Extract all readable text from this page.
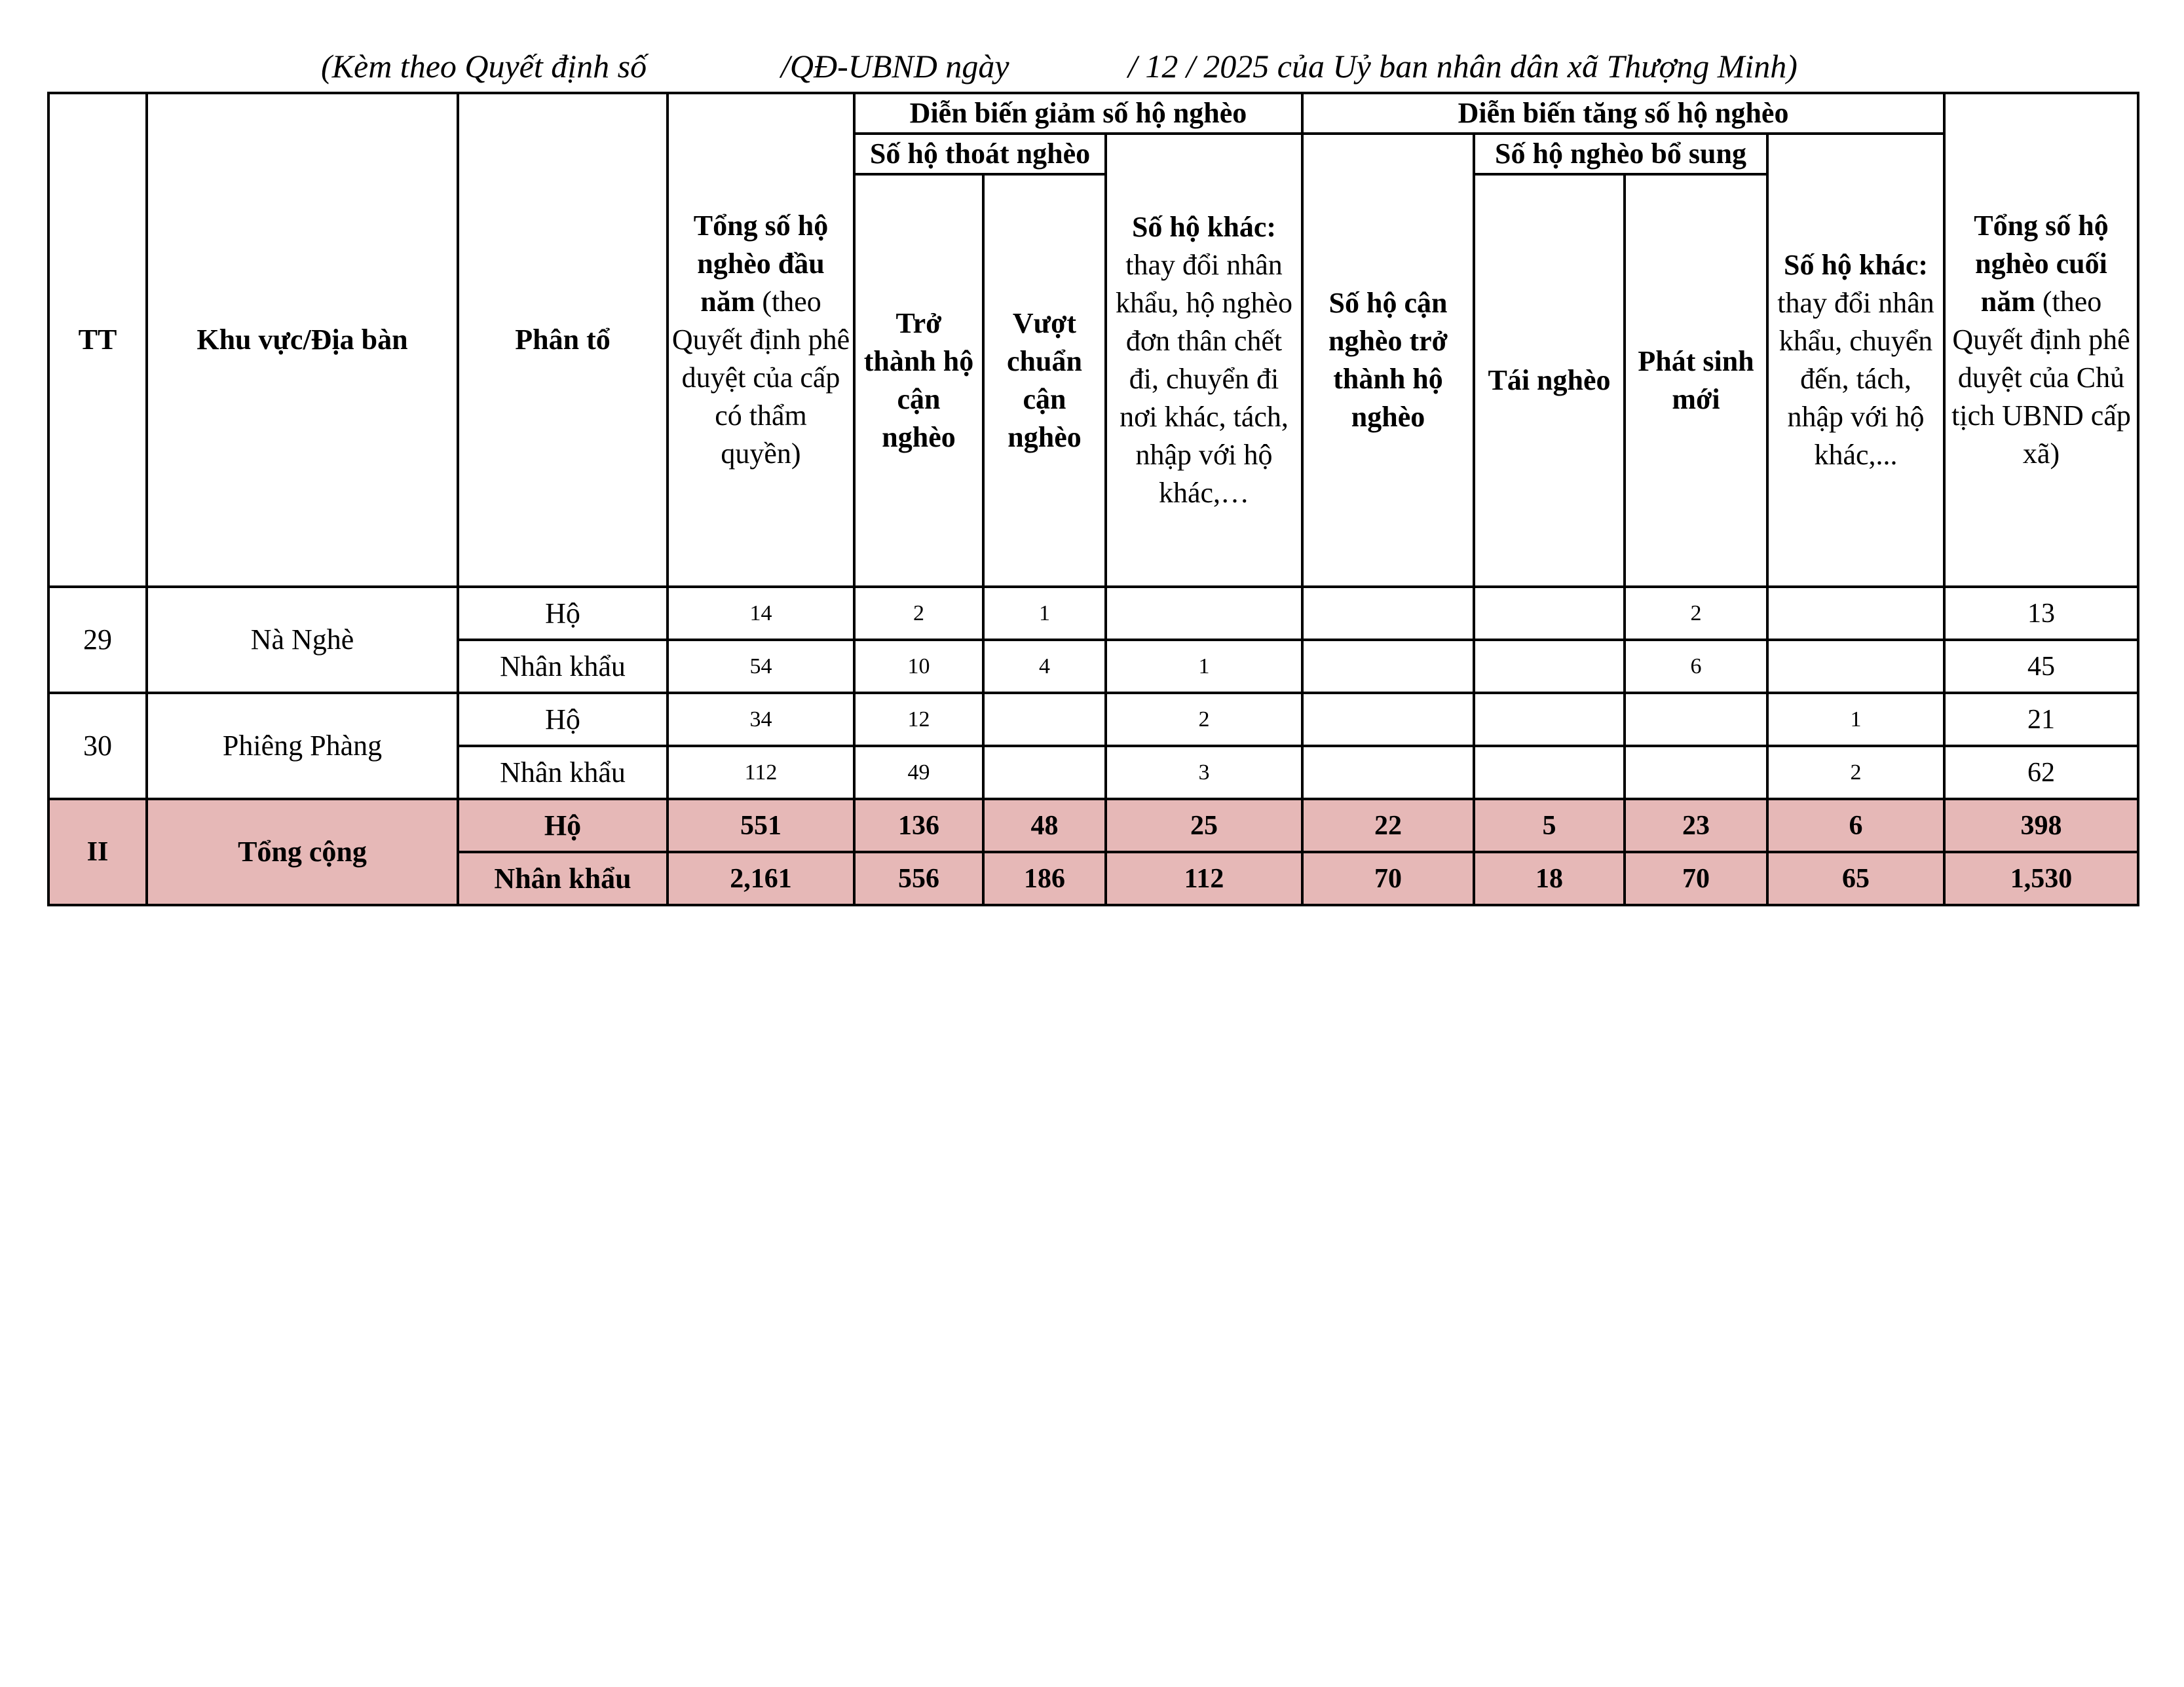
(Kèm theo Quyết định số	/QĐ-UBND ngày	/ 12 / 2025 của Uỷ ban nhân dân xã Thượng Minh)
TT	Khu vực/Địa bàn	Phân tổ	Tổng số hộ nghèo đầu năm (theo Quyết định phê duyệt của cấp có thẩm quyền)	Diễn biến giảm số hộ nghèo			Diễn biến tăng số hộ nghèo				Tổng số hộ nghèo cuối năm (theo Quyết định phê duyệt của Chủ tịch UBND cấp xã)
				Số hộ thoát nghèo		Số hộ khác: thay đổi nhân khẩu, hộ nghèo đơn thân chết đi, chuyển đi nơi khác, tách, nhập với hộ khác,…	Số hộ cận nghèo trở thành hộ nghèo	Số hộ nghèo bổ sung		Số hộ khác: thay đổi nhân khẩu, chuyển đến, tách, nhập với hộ khác,...	
				Trở thành hộ cận nghèo	Vượt chuẩn cận nghèo			Tái nghèo	Phát sinh mới		
29	Nà Nghè	Hộ	14	2	1				2		13
		Nhân khẩu	54	10	4	1			6		45
30	Phiêng Phàng	Hộ	34	12		2				1	21
		Nhân khẩu	112	49		3				2	62
II	Tổng cộng	Hộ	551	136	48	25	22	5	23	6	398
		Nhân khẩu	2,161	556	186	112	70	18	70	65	1,530
